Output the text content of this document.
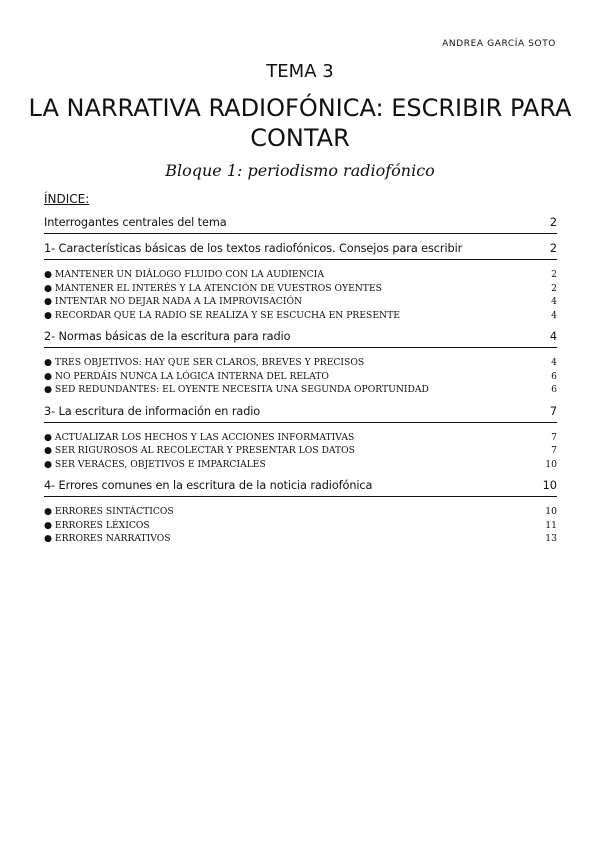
ANDREA GARCÍA SOTO
TEMA 3
LA NARRATIVA RADIOFÓNICA: ESCRIBIR PARA
CONTAR
Bloque 1: periodismo radiofónico
ÍNDICE:
Interrogantes centrales del tema	2
1- Características básicas de los textos radiofónicos. Consejos para escribir	2
● MANTENER UN DIÁLOGO FLUIDO CON LA AUDIENCIA	2
● MANTENER EL INTERÉS Y LA ATENCIÓN DE VUESTROS OYENTES	2
● INTENTAR NO DEJAR NADA A LA IMPROVISACIÓN	4
● RECORDAR QUE LA RADIO SE REALIZA Y SE ESCUCHA EN PRESENTE	4
2- Normas básicas de la escritura para radio	4
● TRES OBJETIVOS: HAY QUE SER CLAROS, BREVES Y PRECISOS	4
● NO PERDÁIS NUNCA LA LÓGICA INTERNA DEL RELATO	6
● SED REDUNDANTES: EL OYENTE NECESITA UNA SEGUNDA OPORTUNIDAD	6
3- La escritura de información en radio	7
● ACTUALIZAR LOS HECHOS Y LAS ACCIONES INFORMATIVAS	7
● SER RIGUROSOS AL RECOLECTAR Y PRESENTAR LOS DATOS	7
● SER VERACES, OBJETIVOS E IMPARCIALES	10
4- Errores comunes en la escritura de la noticia radiofónica	10
● ERRORES SINTÁCTICOS	10
● ERRORES LÉXICOS	11
● ERRORES NARRATIVOS	13
